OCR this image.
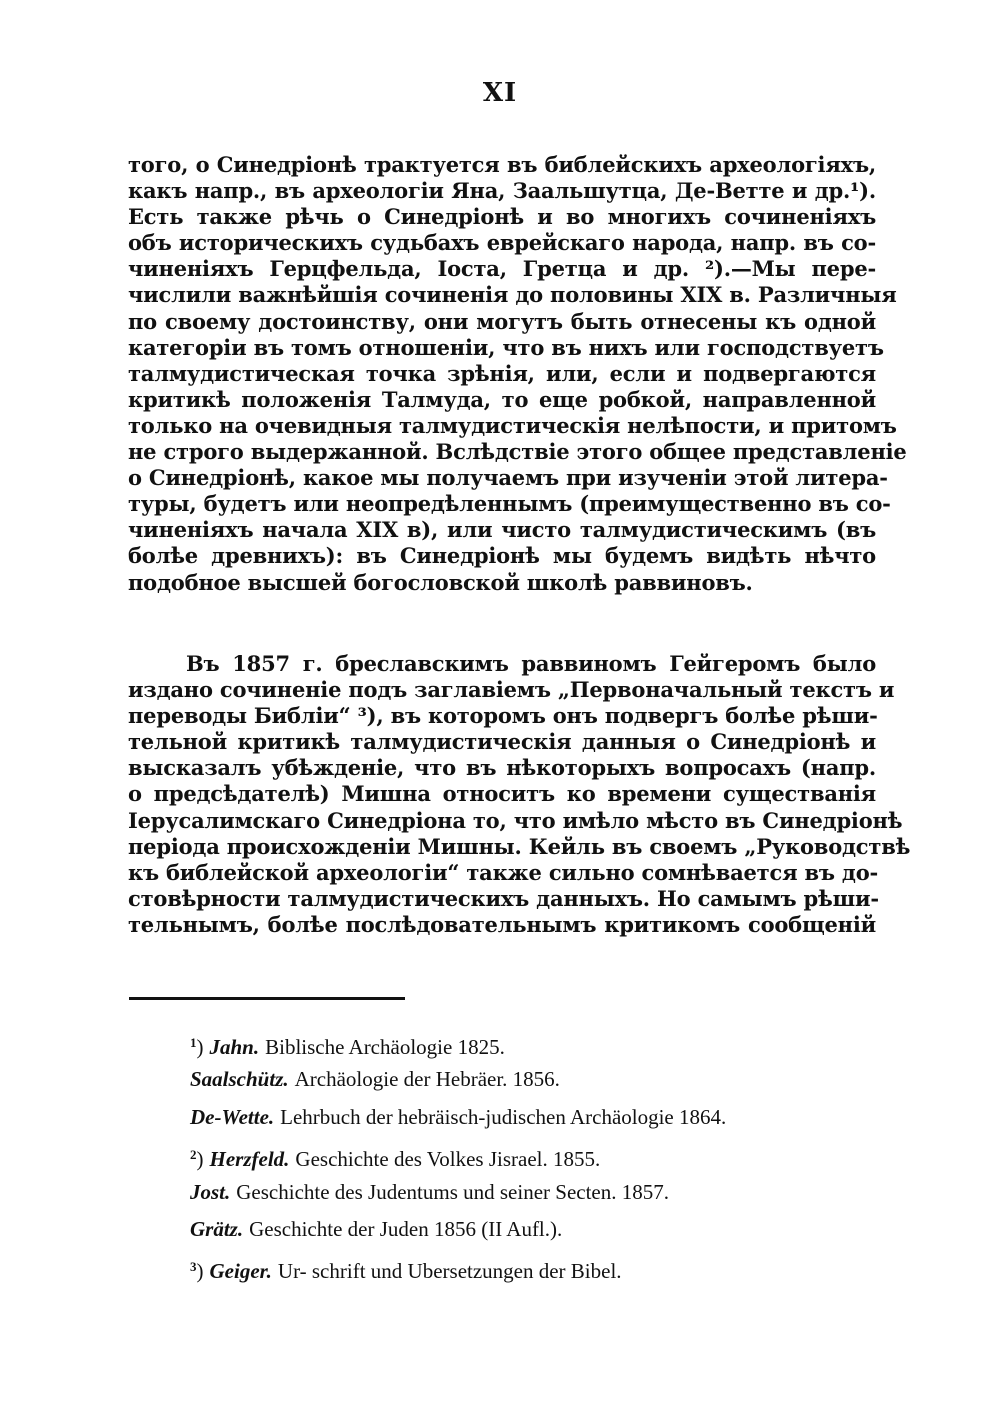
XI
того, о Синедріонѣ трактуется въ библейскихъ археологіяхъ,
какъ напр., въ археологіи Яна, Заальшутца, Де-Ветте и др.¹).
Есть также рѣчь о Синедріонѣ и во многихъ сочиненіяхъ
объ историческихъ судьбахъ еврейскаго народа, напр. въ со-
чиненіяхъ Герцфельда, Іоста, Гретца и др. ²).—Мы пере-
числили важнѣйшія сочиненія до половины XIX в. Различныя
по своему достоинству, они могутъ быть отнесены къ одной
категоріи въ томъ отношеніи, что въ нихъ или господствуетъ
талмудистическая точка зрѣнія, или, если и подвергаются
критикѣ положенія Талмуда, то еще робкой, направленной
только на очевидныя талмудистическія нелѣпости, и притомъ
не строго выдержанной. Вслѣдствіе этого общее представленіе
о Синедріонѣ, какое мы получаемъ при изученіи этой литера-
туры, будетъ или неопредѣленнымъ (преимущественно въ со-
чиненіяхъ начала XIX в), или чисто талмудистическимъ (въ
болѣе древнихъ): въ Синедріонѣ мы будемъ видѣть нѣчто
подобное высшей богословской школѣ раввиновъ.
Въ 1857 г. бреславскимъ раввиномъ Гейгеромъ было
издано сочиненіе подъ заглавіемъ „Первоначальный текстъ и
переводы Библіи“ ³), въ которомъ онъ подвергъ болѣе рѣши-
тельной критикѣ талмудистическія данныя о Синедріонѣ и
высказалъ убѣжденіе, что въ нѣкоторыхъ вопросахъ (напр.
о предсѣдателѣ) Мишна относитъ ко времени существанія
Іерусалимскаго Синедріона то, что имѣло мѣсто въ Синедріонѣ
періода происхожденіи Мишны. Кейль въ своемъ „Руководствѣ
къ библейской археологіи“ также сильно сомнѣвается въ до-
стовѣрности талмудистическихъ данныхъ. Но самымъ рѣши-
тельнымъ, болѣе послѣдовательнымъ критикомъ сообщеній
$^1$) Jahn. Biblische Archäologie 1825.
Saalschütz. Archäologie der Hebräer. 1856.
De-Wette. Lehrbuch der hebräisch-judischen Archäologie 1864.
$^2$) Herzfeld. Geschichte des Volkes Jisrael. 1855.
Jost. Geschichte des Judentums und seiner Secten. 1857.
Grätz. Geschichte der Juden 1856 (II Aufl.).
$^3$) Geiger. Ur- schrift und Ubersetzungen der Bibel.
